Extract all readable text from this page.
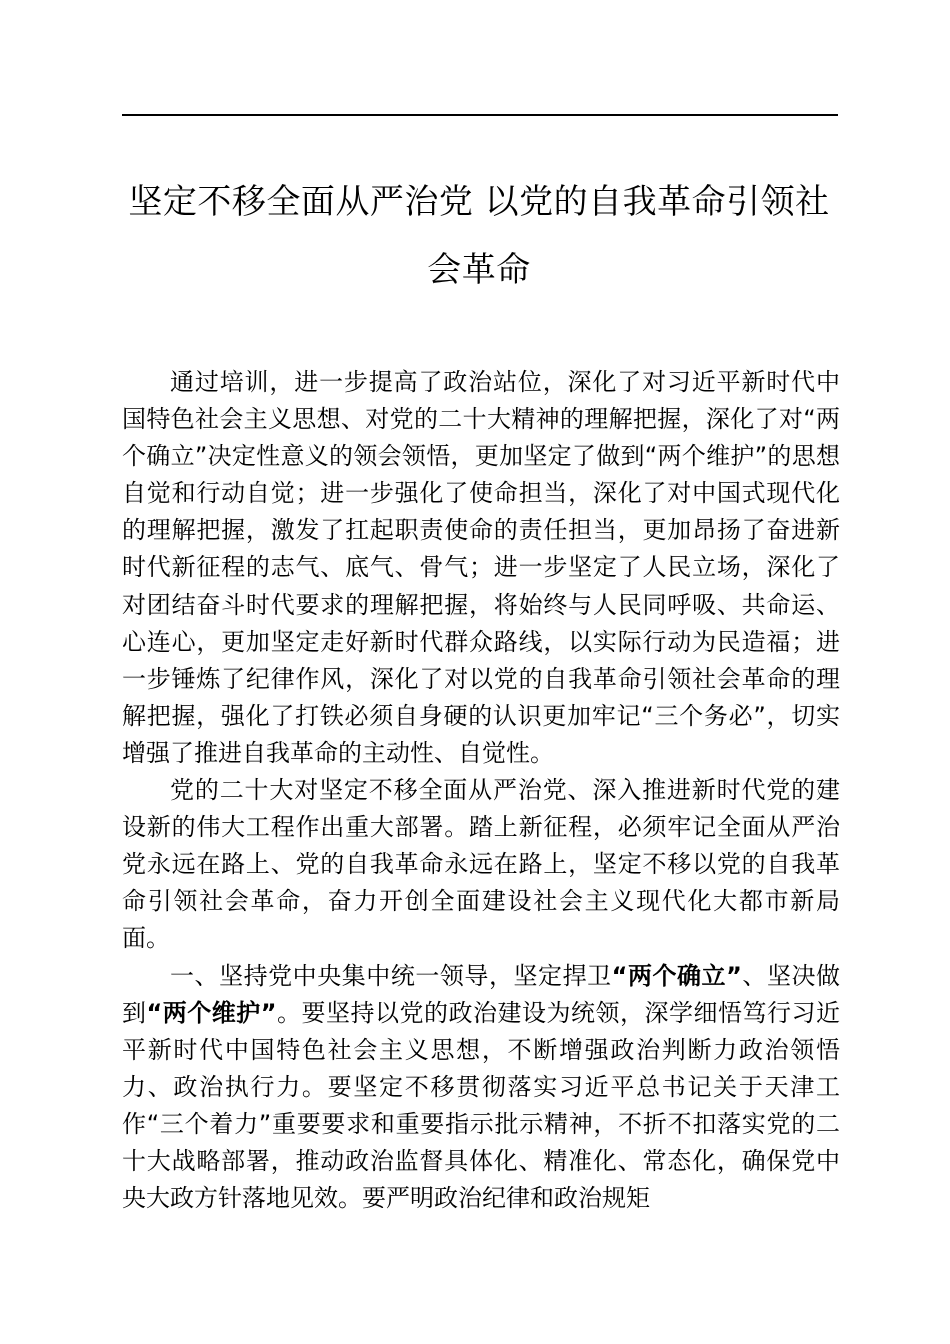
坚定不移全面从严治党 以党的自我革命引领社会革命

通过培训，进一步提高了政治站位，深化了对习近平新时代中国特色社会主义思想、对党的二十大精神的理解把握，深化了对“两个确立”决定性意义的领会领悟，更加坚定了做到“两个维护”的思想自觉和行动自觉；进一步强化了使命担当，深化了对中国式现代化的理解把握，激发了扛起职责使命的责任担当，更加昂扬了奋进新时代新征程的志气、底气、骨气；进一步坚定了人民立场，深化了对团结奋斗时代要求的理解把握，将始终与人民同呼吸、共命运、心连心，更加坚定走好新时代群众路线，以实际行动为民造福；进一步锤炼了纪律作风，深化了对以党的自我革命引领社会革命的理解把握，强化了打铁必须自身硬的认识更加牢记“三个务必”，切实增强了推进自我革命的主动性、自觉性。

党的二十大对坚定不移全面从严治党、深入推进新时代党的建设新的伟大工程作出重大部署。踏上新征程，必须牢记全面从严治党永远在路上、党的自我革命永远在路上，坚定不移以党的自我革命引领社会革命，奋力开创全面建设社会主义现代化大都市新局面。

一、坚持党中央集中统一领导，坚定捍卫“两个确立”、坚决做到“两个维护”。要坚持以党的政治建设为统领，深学细悟笃行习近平新时代中国特色社会主义思想，不断增强政治判断力政治领悟力、政治执行力。要坚定不移贯彻落实习近平总书记关于天津工作“三个着力”重要要求和重要指示批示精神，不折不扣落实党的二十大战略部署，推动政治监督具体化、精准化、常态化，确保党中央大政方针落地见效。要严明政治纪律和政治规矩
